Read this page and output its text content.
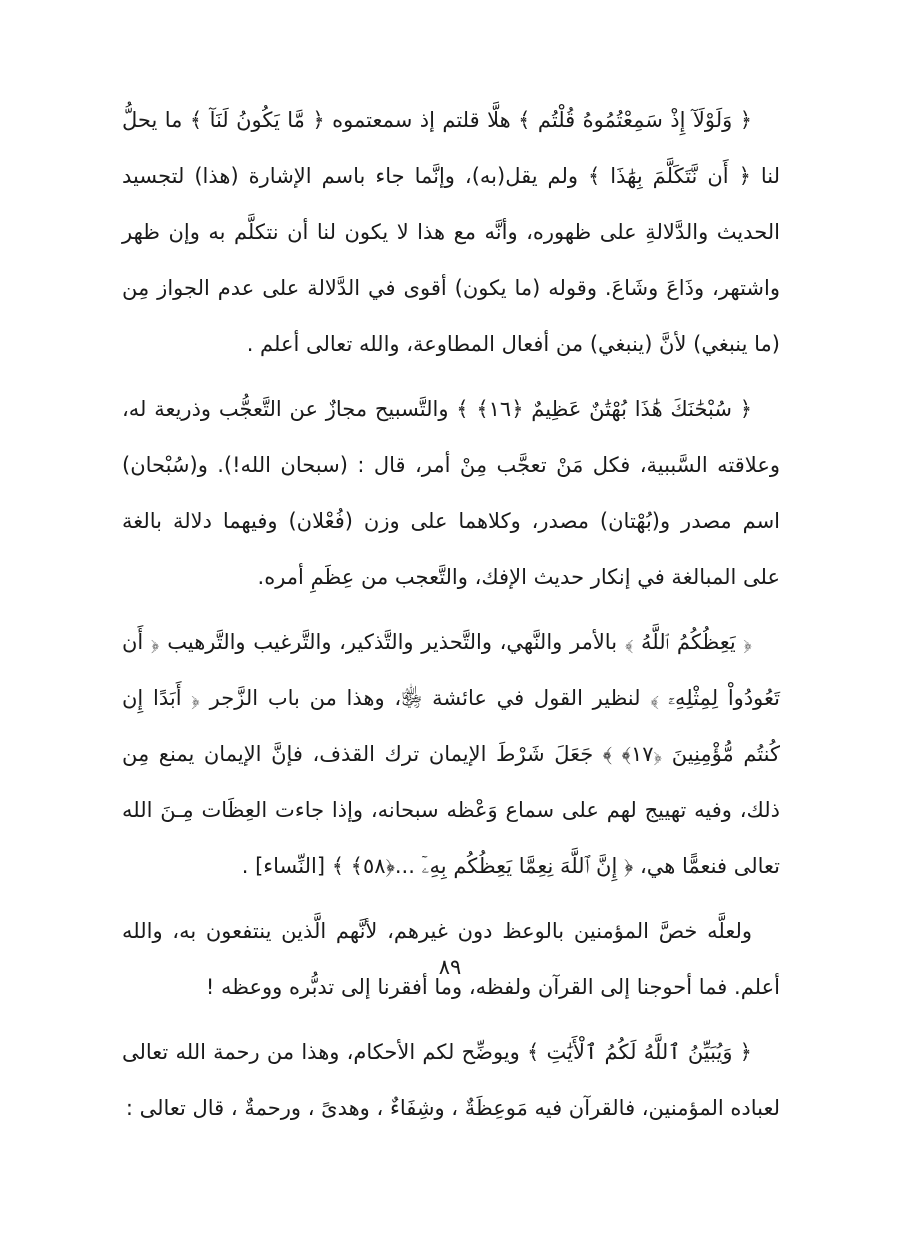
﴿ وَلَوْلَآ إِذْ سَمِعْتُمُوهُ قُلْتُم ﴾ هلَّا قلتم إذ سمعتموه ﴿ مَّا يَكُونُ لَنَآ ﴾ ما يحلُّ لنا ﴿ أَن نَّتَكَلَّمَ بِهَٰذَا ﴾ ولم يقل(به)، وإنَّما جاء باسم الإشارة (هذا) لتجسيد الحديث والدَّلالةِ على ظهوره، وأنَّه مع هذا لا يكون لنا أن نتكلَّم به وإن ظهر واشتهر، وذَاعَ وشَاعَ. وقوله (ما يكون) أقوى في الدَّلالة على عدم الجواز مِن (ما ينبغي) لأنَّ (ينبغي) من أفعال المطاوعة، والله تعالى أعلم .

﴿ سُبْحَٰنَكَ هَٰذَا بُهْتَٰنٌ عَظِيمٌ ﴿١٦﴾ ﴾ والتَّسبيح مجازٌ عن التَّعجُّب وذريعة له، وعلاقته السَّببية، فكل مَنْ تعجَّب مِنْ أمر، قال : (سبحان الله!). و(سُبْحان) اسم مصدر و(بُهْتان) مصدر، وكلاهما على وزن (فُعْلان) وفيهما دلالة بالغة على المبالغة في إنكار حديث الإفك، والتَّعجب من عِظَمِ أمره.

﴿ يَعِظُكُمُ ٱللَّهُ ﴾ بالأمر والنَّهي، والتَّحذير والتَّذكير، والتَّرغيب والتَّرهيب ﴿ أَن تَعُودُواْ لِمِثْلِهِۦٓ ﴾ لنظير القول في عائشة ﵂، وهذا من باب الزَّجر ﴿ أَبَدًا إِن كُنتُم مُّؤْمِنِينَ ﴿١٧﴾ ﴾ جَعَلَ شَرْطَ الإيمان ترك القذف، فإنَّ الإيمان يمنع مِن ذلك، وفيه تهييج لهم على سماع وَعْظه سبحانه، وإذا جاءت العِظَات مِـنَ الله تعالى فنعمًّا هي، ﴿ إِنَّ ٱللَّهَ نِعِمَّا يَعِظُكُم بِهِۦٓ ...﴿٥٨﴾ ﴾ [النِّساء] .

ولعلَّه خصَّ المؤمنين بالوعظ دون غيرهم، لأنَّهم الَّذين ينتفعون به، والله أعلم. فما أحوجنا إلى القرآن ولفظه، وما أفقرنا إلى تدبُّره ووعظه !

﴿ وَيُبَيِّنُ ٱللَّهُ لَكُمُ ٱلْأَيَٰتِ ﴾ ويوضِّح لكم الأحكام، وهذا من رحمة الله تعالى لعباده المؤمنين، فالقرآن فيه مَوعِظَةٌ ، وشِفَاءٌ ، وهدىً ، ورحمةٌ ، قال تعالى :

٨٩
